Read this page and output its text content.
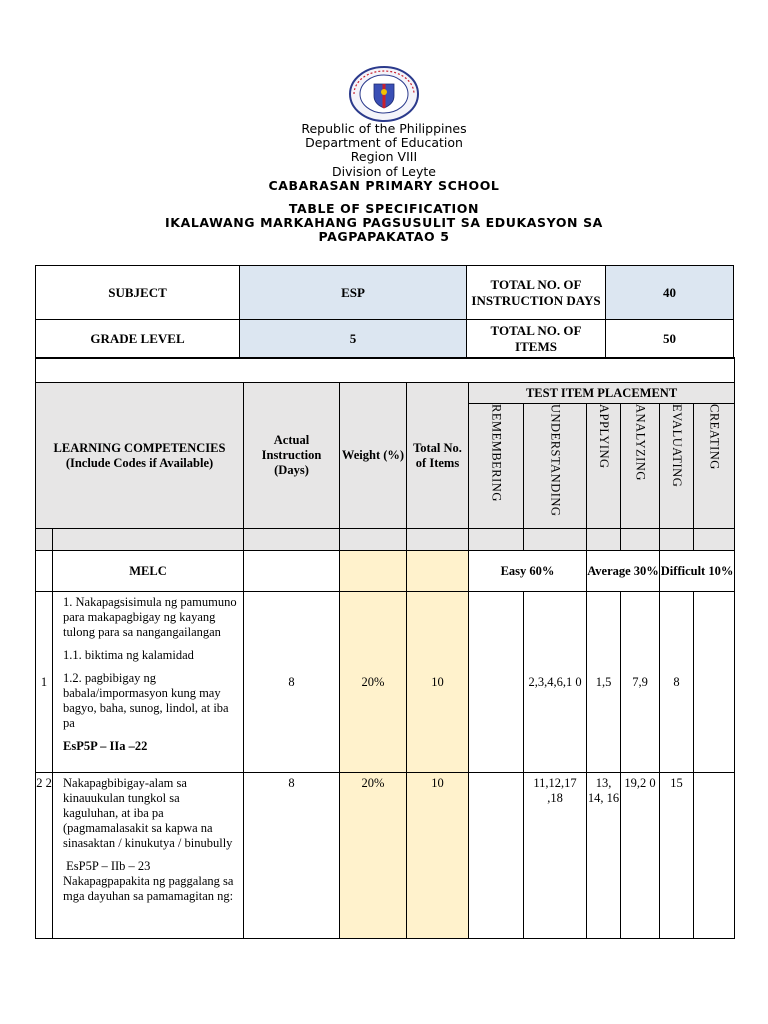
Republic of the Philippines
Department of Education
Region VIII
Division of Leyte
CABARASAN PRIMARY SCHOOL
TABLE OF SPECIFICATION
IKALAWANG MARKAHANG PAGSUSULIT SA EDUKASYON SA
PAGPAPAKATAO 5
SUBJECT	ESP	TOTAL NO. OF INSTRUCTION DAYS	40
GRADE LEVEL	5	TOTAL NO. OF ITEMS	50

LEARNING COMPETENCIES (Include Codes if Available)		Actual Instruction (Days)	Weight (%)	Total No. of Items	TEST ITEM PLACEMENT					
					REMEMBERING	UNDERSTANDING	APPLYING	ANALYZING	EVALUATING	CREATING

	MELC				Easy 60%		Average 30%		Difficult 10%	
1	1. Nakapagsisimula ng pamumuno para makapagbigay ng kayang tulong para sa nangangailangan

1.1. biktima ng kalamidad

1.2. pagbibigay ng babala/impormasyon kung may bagyo, baha, sunog, lindol, at iba pa

EsP5P – IIa –22	8	20%	10		2,3,4,6,1 0	1,5	7,9	8	
2 2	Nakapagbibigay-alam sa kinauukulan tungkol sa kaguluhan, at iba pa (pagmamalasakit sa kapwa na sinasaktan / kinukutya / binubully

EsP5P – IIb – 23

Nakapagpapakita ng paggalang sa mga dayuhan sa pamamagitan ng:	8	20%	10		11,12,17 ,18	13, 14, 16	19,2 0	15	
